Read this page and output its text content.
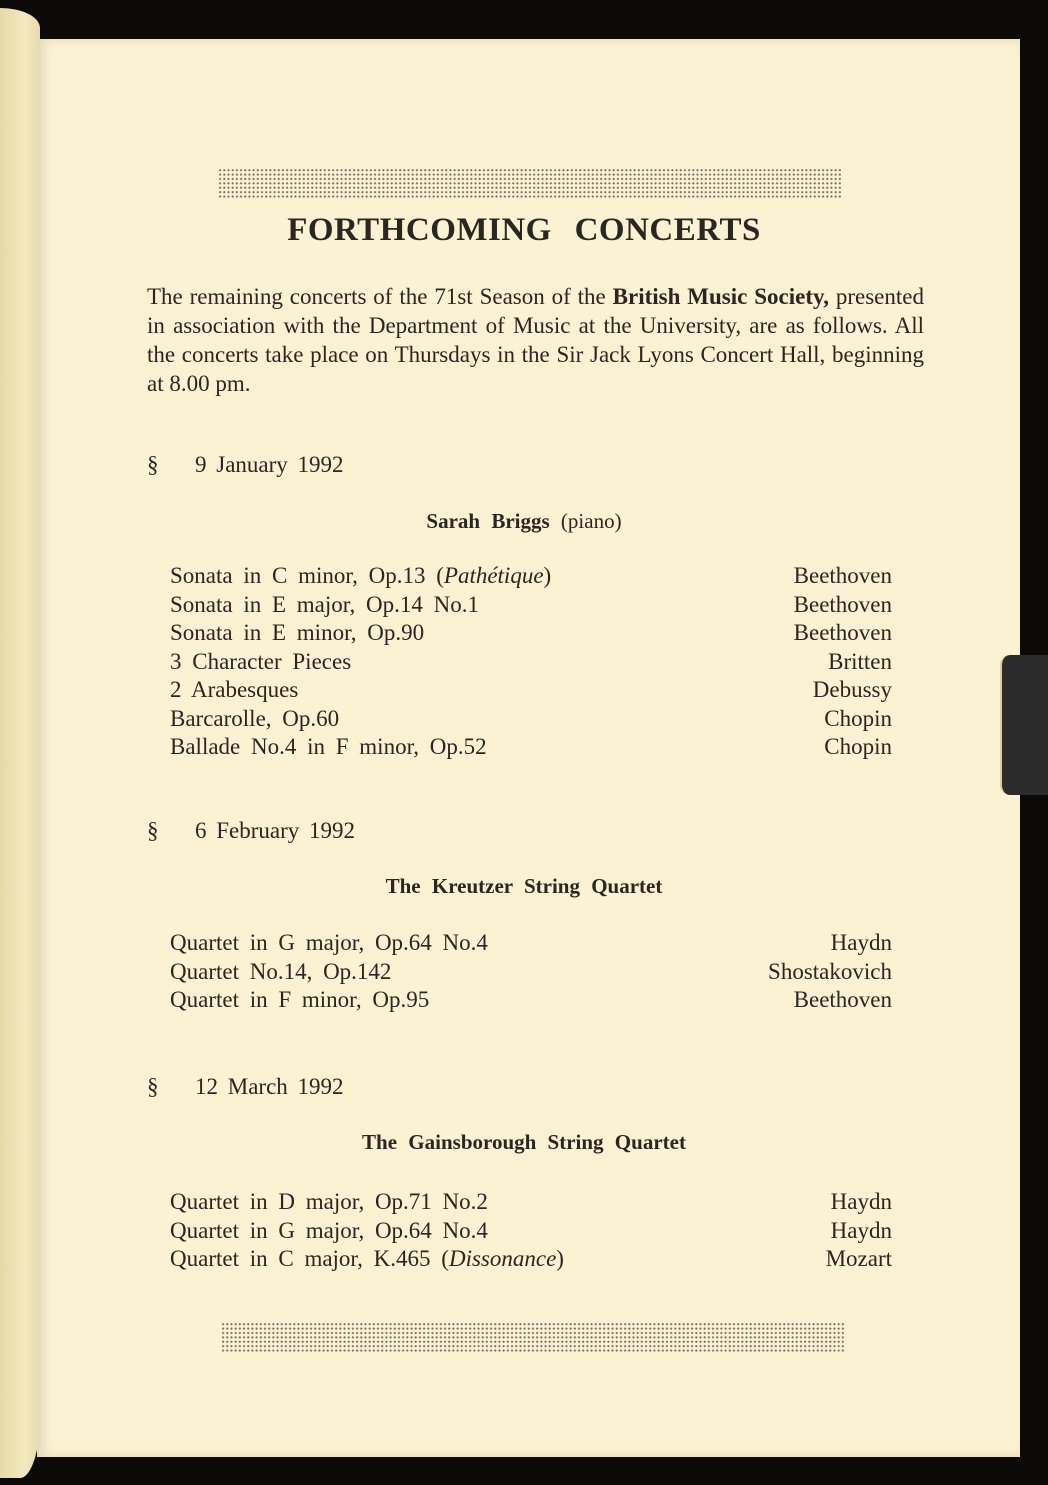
FORTHCOMING CONCERTS
The remaining concerts of the 71st Season of the British Music Society, presented in association with the Department of Music at the University, are as follows. All the concerts take place on Thursdays in the Sir Jack Lyons Concert Hall, beginning at 8.00 pm.
§ 9 January 1992
Sarah Briggs (piano)
Sonata in C minor, Op.13 (Pathétique)	Beethoven
Sonata in E major, Op.14 No.1	Beethoven
Sonata in E minor, Op.90	Beethoven
3 Character Pieces	Britten
2 Arabesques	Debussy
Barcarolle, Op.60	Chopin
Ballade No.4 in F minor, Op.52	Chopin
§ 6 February 1992
The Kreutzer String Quartet
Quartet in G major, Op.64 No.4	Haydn
Quartet No.14, Op.142	Shostakovich
Quartet in F minor, Op.95	Beethoven
§ 12 March 1992
The Gainsborough String Quartet
Quartet in D major, Op.71 No.2	Haydn
Quartet in G major, Op.64 No.4	Haydn
Quartet in C major, K.465 (Dissonance)	Mozart
